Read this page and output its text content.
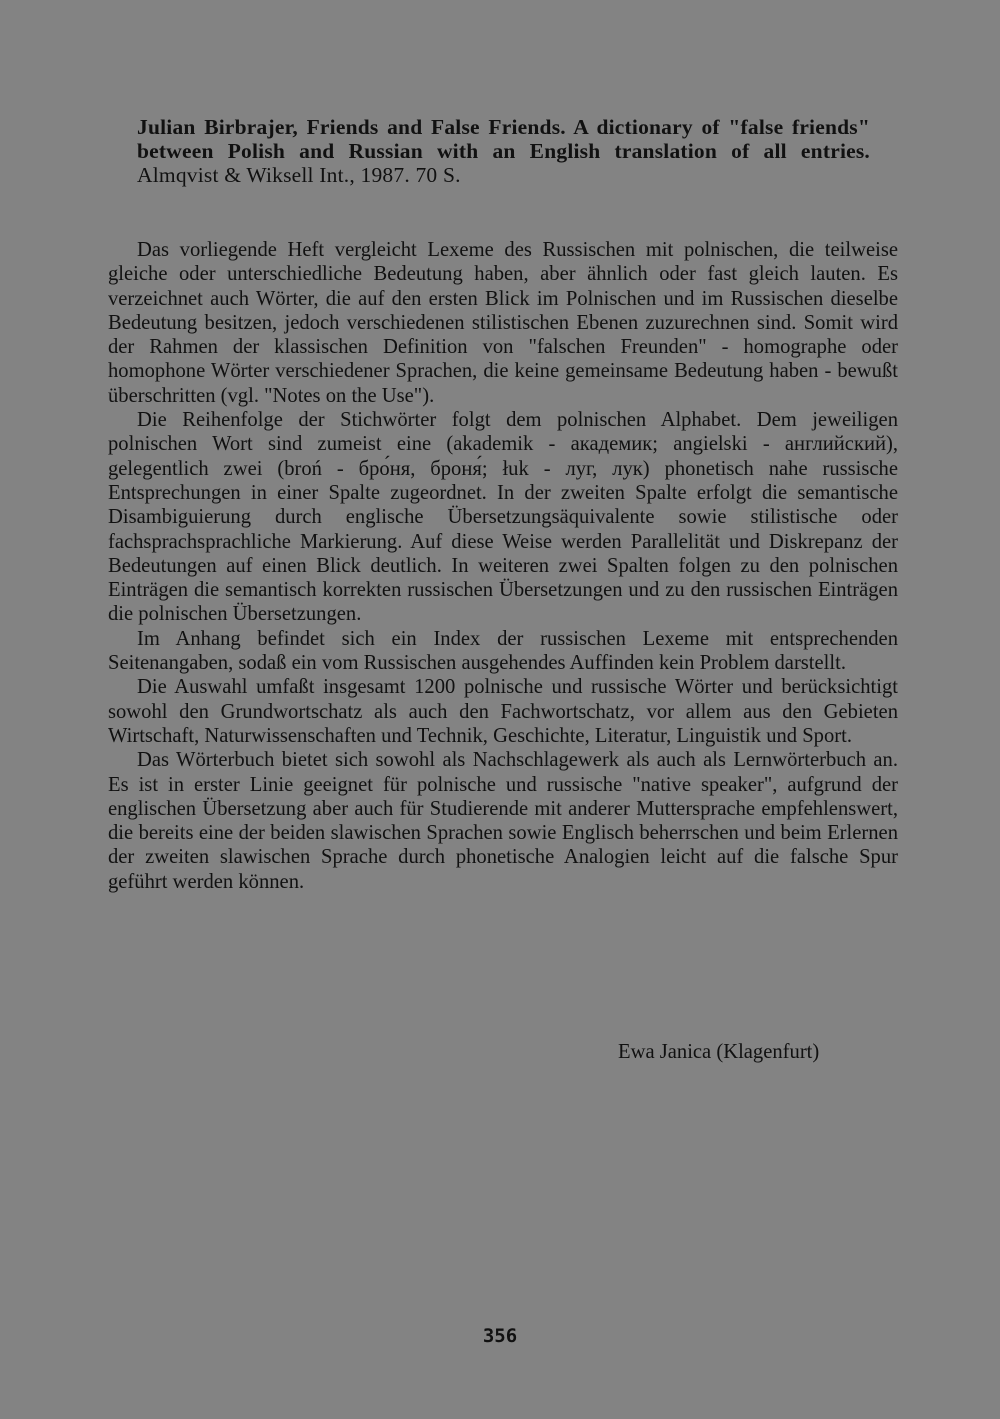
Julian Birbrajer, Friends and False Friends. A dictionary of "false friends" between Polish and Russian with an English translation of all entries. Almqvist & Wiksell Int., 1987. 70 S.

Das vorliegende Heft vergleicht Lexeme des Russischen mit polnischen, die teilweise gleiche oder unterschiedliche Bedeutung haben, aber ähnlich oder fast gleich lauten. Es verzeichnet auch Wörter, die auf den ersten Blick im Polnischen und im Russischen dieselbe Bedeutung besitzen, jedoch verschiedenen stilistischen Ebenen zuzurechnen sind. Somit wird der Rahmen der klassischen Definition von "falschen Freunden" - homographe oder homophone Wörter verschiedener Sprachen, die keine gemeinsame Bedeutung haben - bewußt überschritten (vgl. "Notes on the Use").

Die Reihenfolge der Stichwörter folgt dem polnischen Alphabet. Dem jeweiligen polnischen Wort sind zumeist eine (akademik - академик; angielski - английский), gelegentlich zwei (broń - бро́ня, броня́; łuk - луг, лук) phonetisch nahe russische Entsprechungen in einer Spalte zugeordnet. In der zweiten Spalte erfolgt die semantische Disambiguierung durch englische Übersetzungsäquivalente sowie stilistische oder fachsprachsprachliche Markierung. Auf diese Weise werden Parallelität und Diskrepanz der Bedeutungen auf einen Blick deutlich. In weiteren zwei Spalten folgen zu den polnischen Einträgen die semantisch korrekten russischen Übersetzungen und zu den russischen Einträgen die polnischen Übersetzungen.

Im Anhang befindet sich ein Index der russischen Lexeme mit entsprechenden Seitenangaben, sodaß ein vom Russischen ausgehendes Auffinden kein Problem darstellt.

Die Auswahl umfaßt insgesamt 1200 polnische und russische Wörter und berücksichtigt sowohl den Grundwortschatz als auch den Fachwortschatz, vor allem aus den Gebieten Wirtschaft, Naturwissenschaften und Technik, Geschichte, Literatur, Linguistik und Sport.

Das Wörterbuch bietet sich sowohl als Nachschlagewerk als auch als Lernwörterbuch an. Es ist in erster Linie geeignet für polnische und russische "native speaker", aufgrund der englischen Übersetzung aber auch für Studierende mit anderer Muttersprache empfehlenswert, die bereits eine der beiden slawischen Sprachen sowie Englisch beherrschen und beim Erlernen der zweiten slawischen Sprache durch phonetische Analogien leicht auf die falsche Spur geführt werden können.

Ewa Janica (Klagenfurt)
356
